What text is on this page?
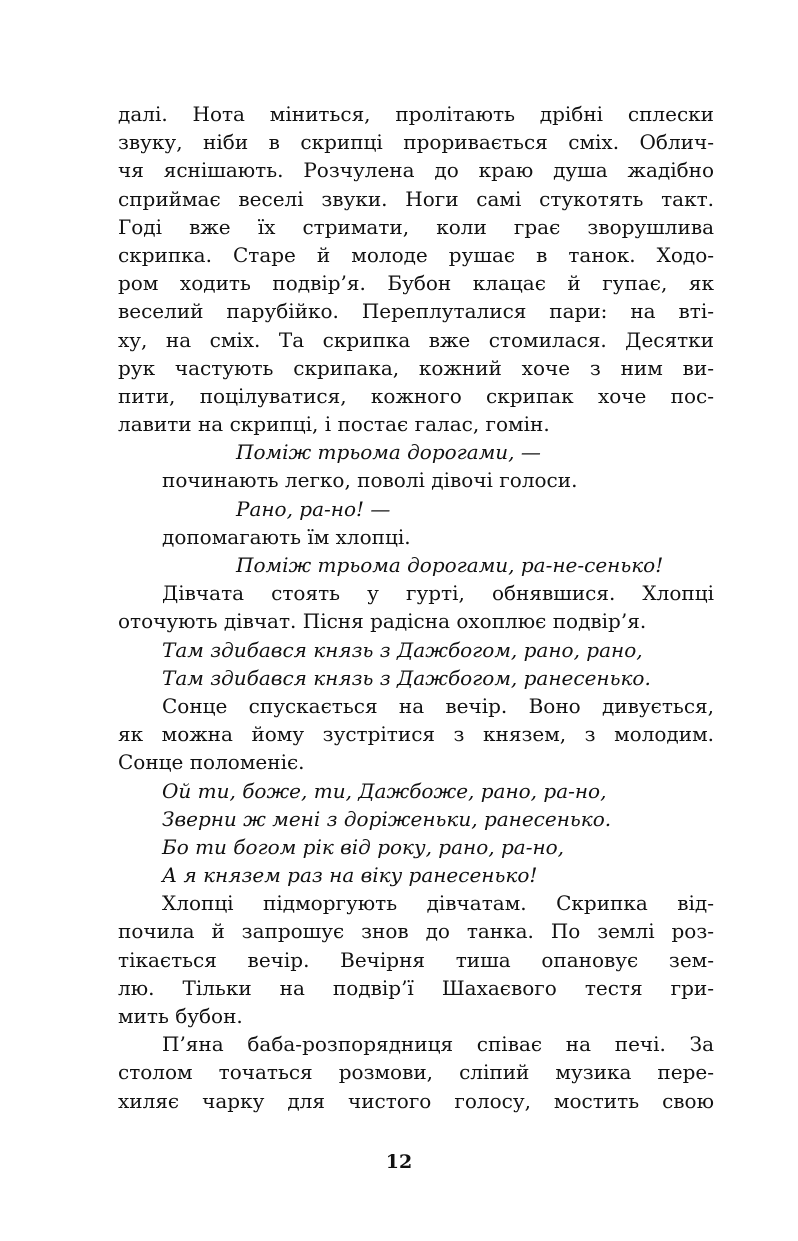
далі. Нота міниться, пролітають дрібні сплески
звуку, ніби в скрипці проривається сміх. Облич-
чя яснішають. Розчулена до краю душа жадібно
сприймає веселі звуки. Ноги самі стукотять такт.
Годі вже їх стримати, коли грає зворушлива
скрипка. Старе й молоде рушає в танок. Ходо-
ром ходить подвір’я. Бубон клацає й гупає, як
веселий парубійко. Переплуталися пари: на вті-
ху, на сміх. Та скрипка вже стомилася. Десятки
рук частують скрипака, кожний хоче з ним ви-
пити, поцілуватися, кожного скрипак хоче пос-
лавити на скрипці, і постає галас, гомін.
Поміж трьома дорогами, —
починають легко, поволі дівочі голоси.
Рано, ра-но! —
допомагають їм хлопці.
Поміж трьома дорогами, ра-не-сенько!
Дівчата стоять у гурті, обнявшися. Хлопці
оточують дівчат. Пісня радісна охоплює подвір’я.
Там здибався князь з Дажбогом, рано, рано,
Там здибався князь з Дажбогом, ранесенько.
Сонце спускається на вечір. Воно дивується,
як можна йому зустрітися з князем, з молодим.
Сонце поломеніє.
Ой ти, боже, ти, Дажбоже, рано, ра-но,
Зверни ж мені з доріженьки, ранесенько.
Бо ти богом рік від року, рано, ра-но,
А я князем раз на віку ранесенько!
Хлопці підморгують дівчатам. Скрипка від-
почила й запрошує знов до танка. По землі роз-
тікається вечір. Вечірня тиша опановує зем-
лю. Тільки на подвір’ї Шахаєвого тестя гри-
мить бубон.
П’яна баба-розпорядниця співає на печі. За
столом точаться розмови, сліпий музика пере-
хиляє чарку для чистого голосу, мостить свою
12
